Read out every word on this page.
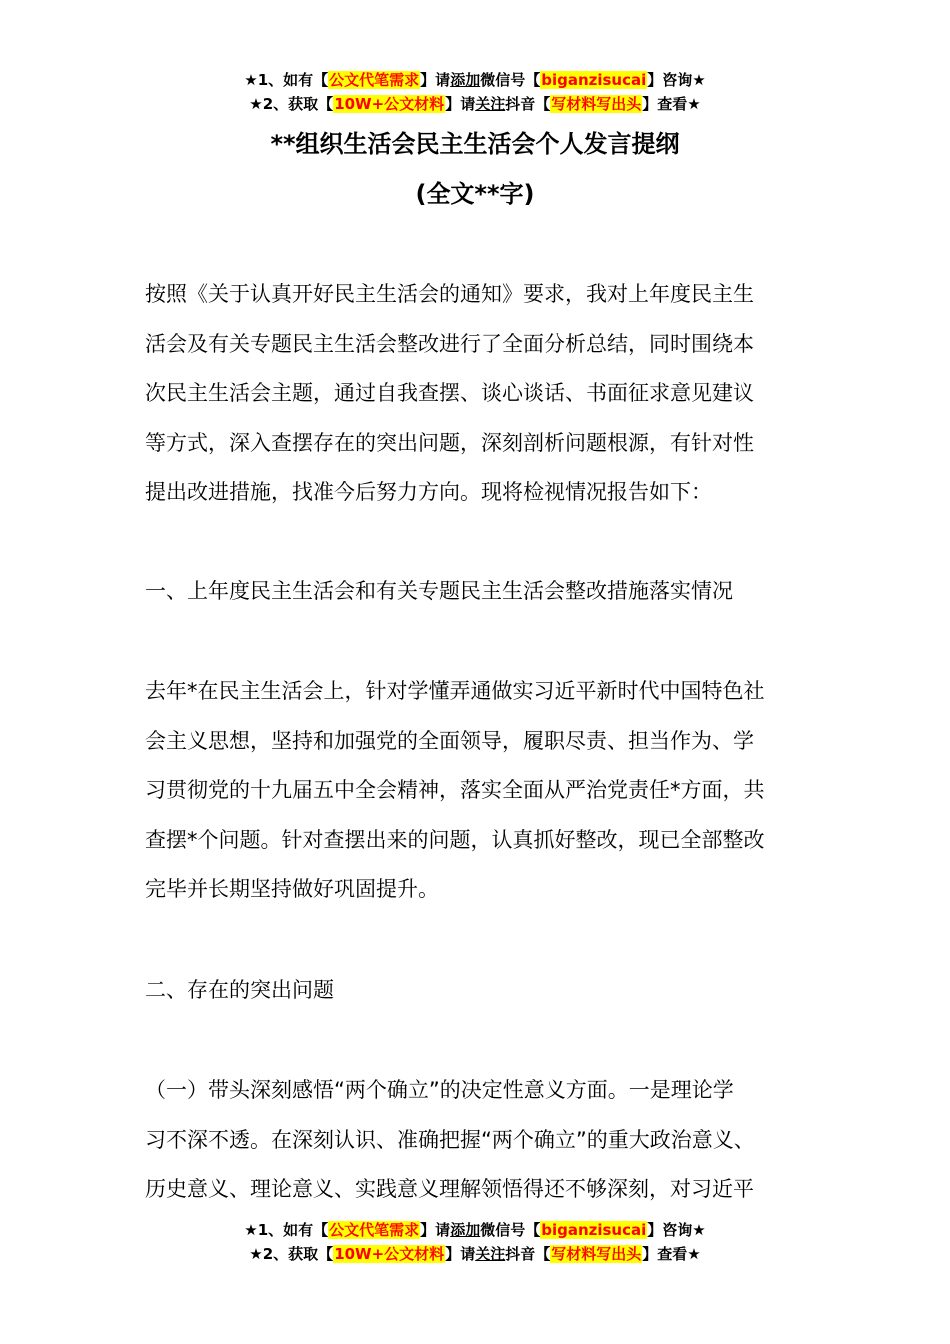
★1、如有【公文代笔需求】请添加微信号【biganzisucai】咨询★
★2、获取【10W+公文材料】请关注抖音【写材料写出头】查看★
**组织生活会民主生活会个人发言提纲
(全文**字)

按照《关于认真开好民主生活会的通知》要求，我对上年度民主生

活会及有关专题民主生活会整改进行了全面分析总结，同时围绕本

次民主生活会主题，通过自我查摆、谈心谈话、书面征求意见建议

等方式，深入查摆存在的突出问题，深刻剖析问题根源，有针对性

提出改进措施，找准今后努力方向。现将检视情况报告如下：

一、上年度民主生活会和有关专题民主生活会整改措施落实情况

去年*在民主生活会上，针对学懂弄通做实习近平新时代中国特色社

会主义思想，坚持和加强党的全面领导，履职尽责、担当作为、学

习贯彻党的十九届五中全会精神，落实全面从严治党责任*方面，共

查摆*个问题。针对查摆出来的问题，认真抓好整改，现已全部整改

完毕并长期坚持做好巩固提升。

二、存在的突出问题

（一）带头深刻感悟“两个确立”的决定性意义方面。一是理论学

习不深不透。在深刻认识、准确把握“两个确立”的重大政治意义、

历史意义、理论意义、实践意义理解领悟得还不够深刻，对习近平

★1、如有【公文代笔需求】请添加微信号【biganzisucai】咨询★
★2、获取【10W+公文材料】请关注抖音【写材料写出头】查看★
